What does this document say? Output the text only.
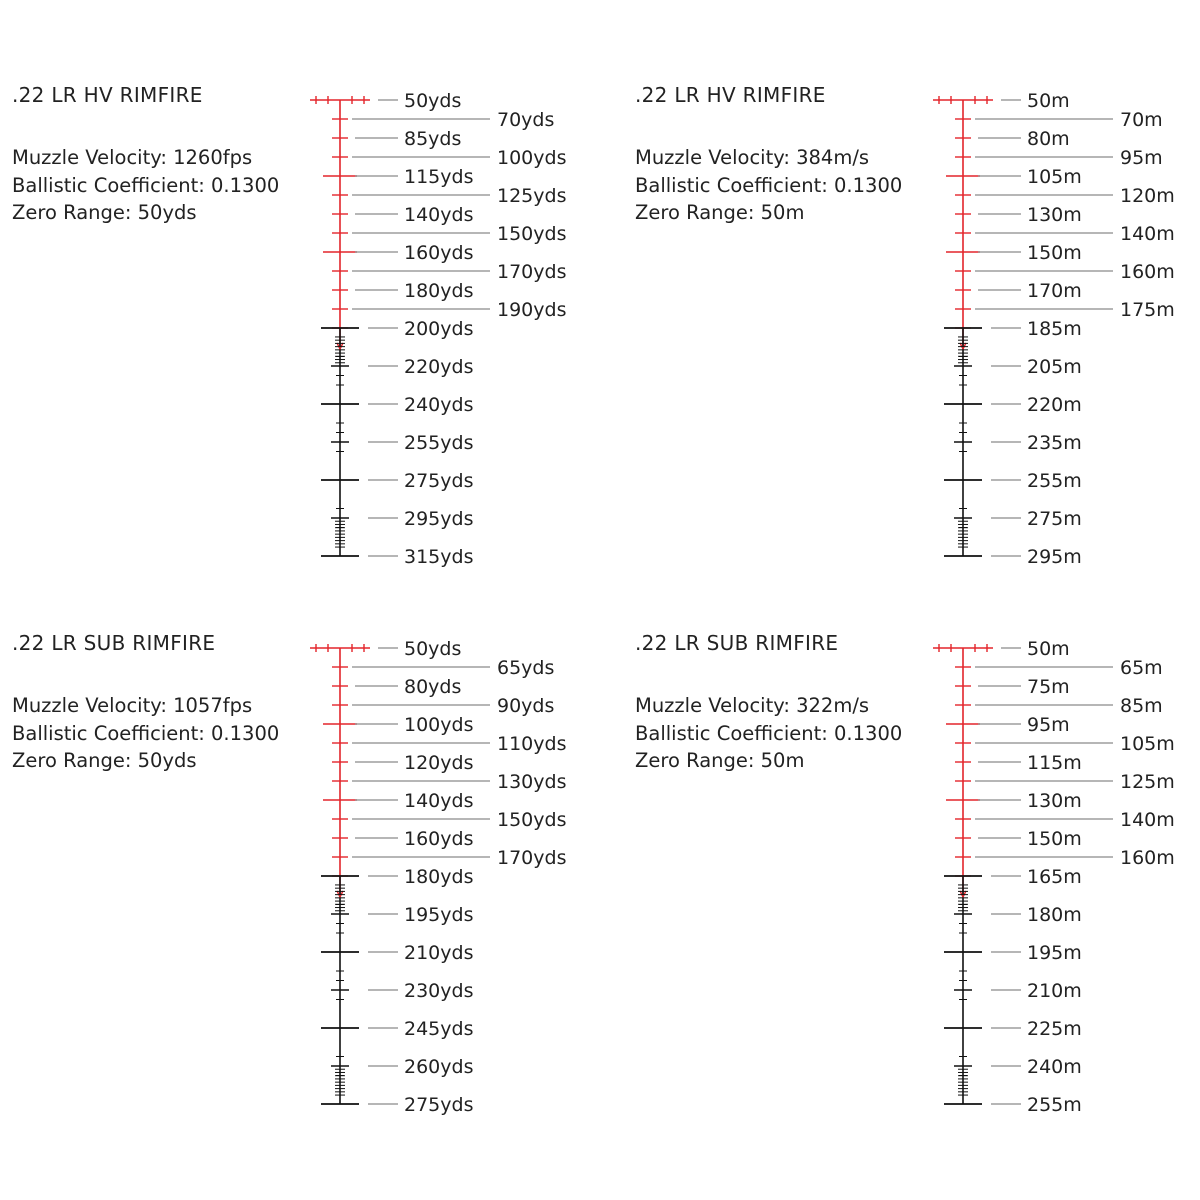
.22 LR HV RIMFIRE
Muzzle Velocity: 1260fps
Ballistic Coefficient: 0.1300
Zero Range: 50yds
50yds
85yds
115yds
140yds
160yds
180yds
200yds
220yds
240yds
255yds
275yds
295yds
315yds
70yds
100yds
125yds
150yds
170yds
190yds
.22 LR HV RIMFIRE
Muzzle Velocity: 384m/s
Ballistic Coefficient: 0.1300
Zero Range: 50m
50m
80m
105m
130m
150m
170m
185m
205m
220m
235m
255m
275m
295m
70m
95m
120m
140m
160m
175m
.22 LR SUB RIMFIRE
Muzzle Velocity: 1057fps
Ballistic Coefficient: 0.1300
Zero Range: 50yds
50yds
80yds
100yds
120yds
140yds
160yds
180yds
195yds
210yds
230yds
245yds
260yds
275yds
65yds
90yds
110yds
130yds
150yds
170yds
.22 LR SUB RIMFIRE
Muzzle Velocity: 322m/s
Ballistic Coefficient: 0.1300
Zero Range: 50m
50m
75m
95m
115m
130m
150m
165m
180m
195m
210m
225m
240m
255m
65m
85m
105m
125m
140m
160m
